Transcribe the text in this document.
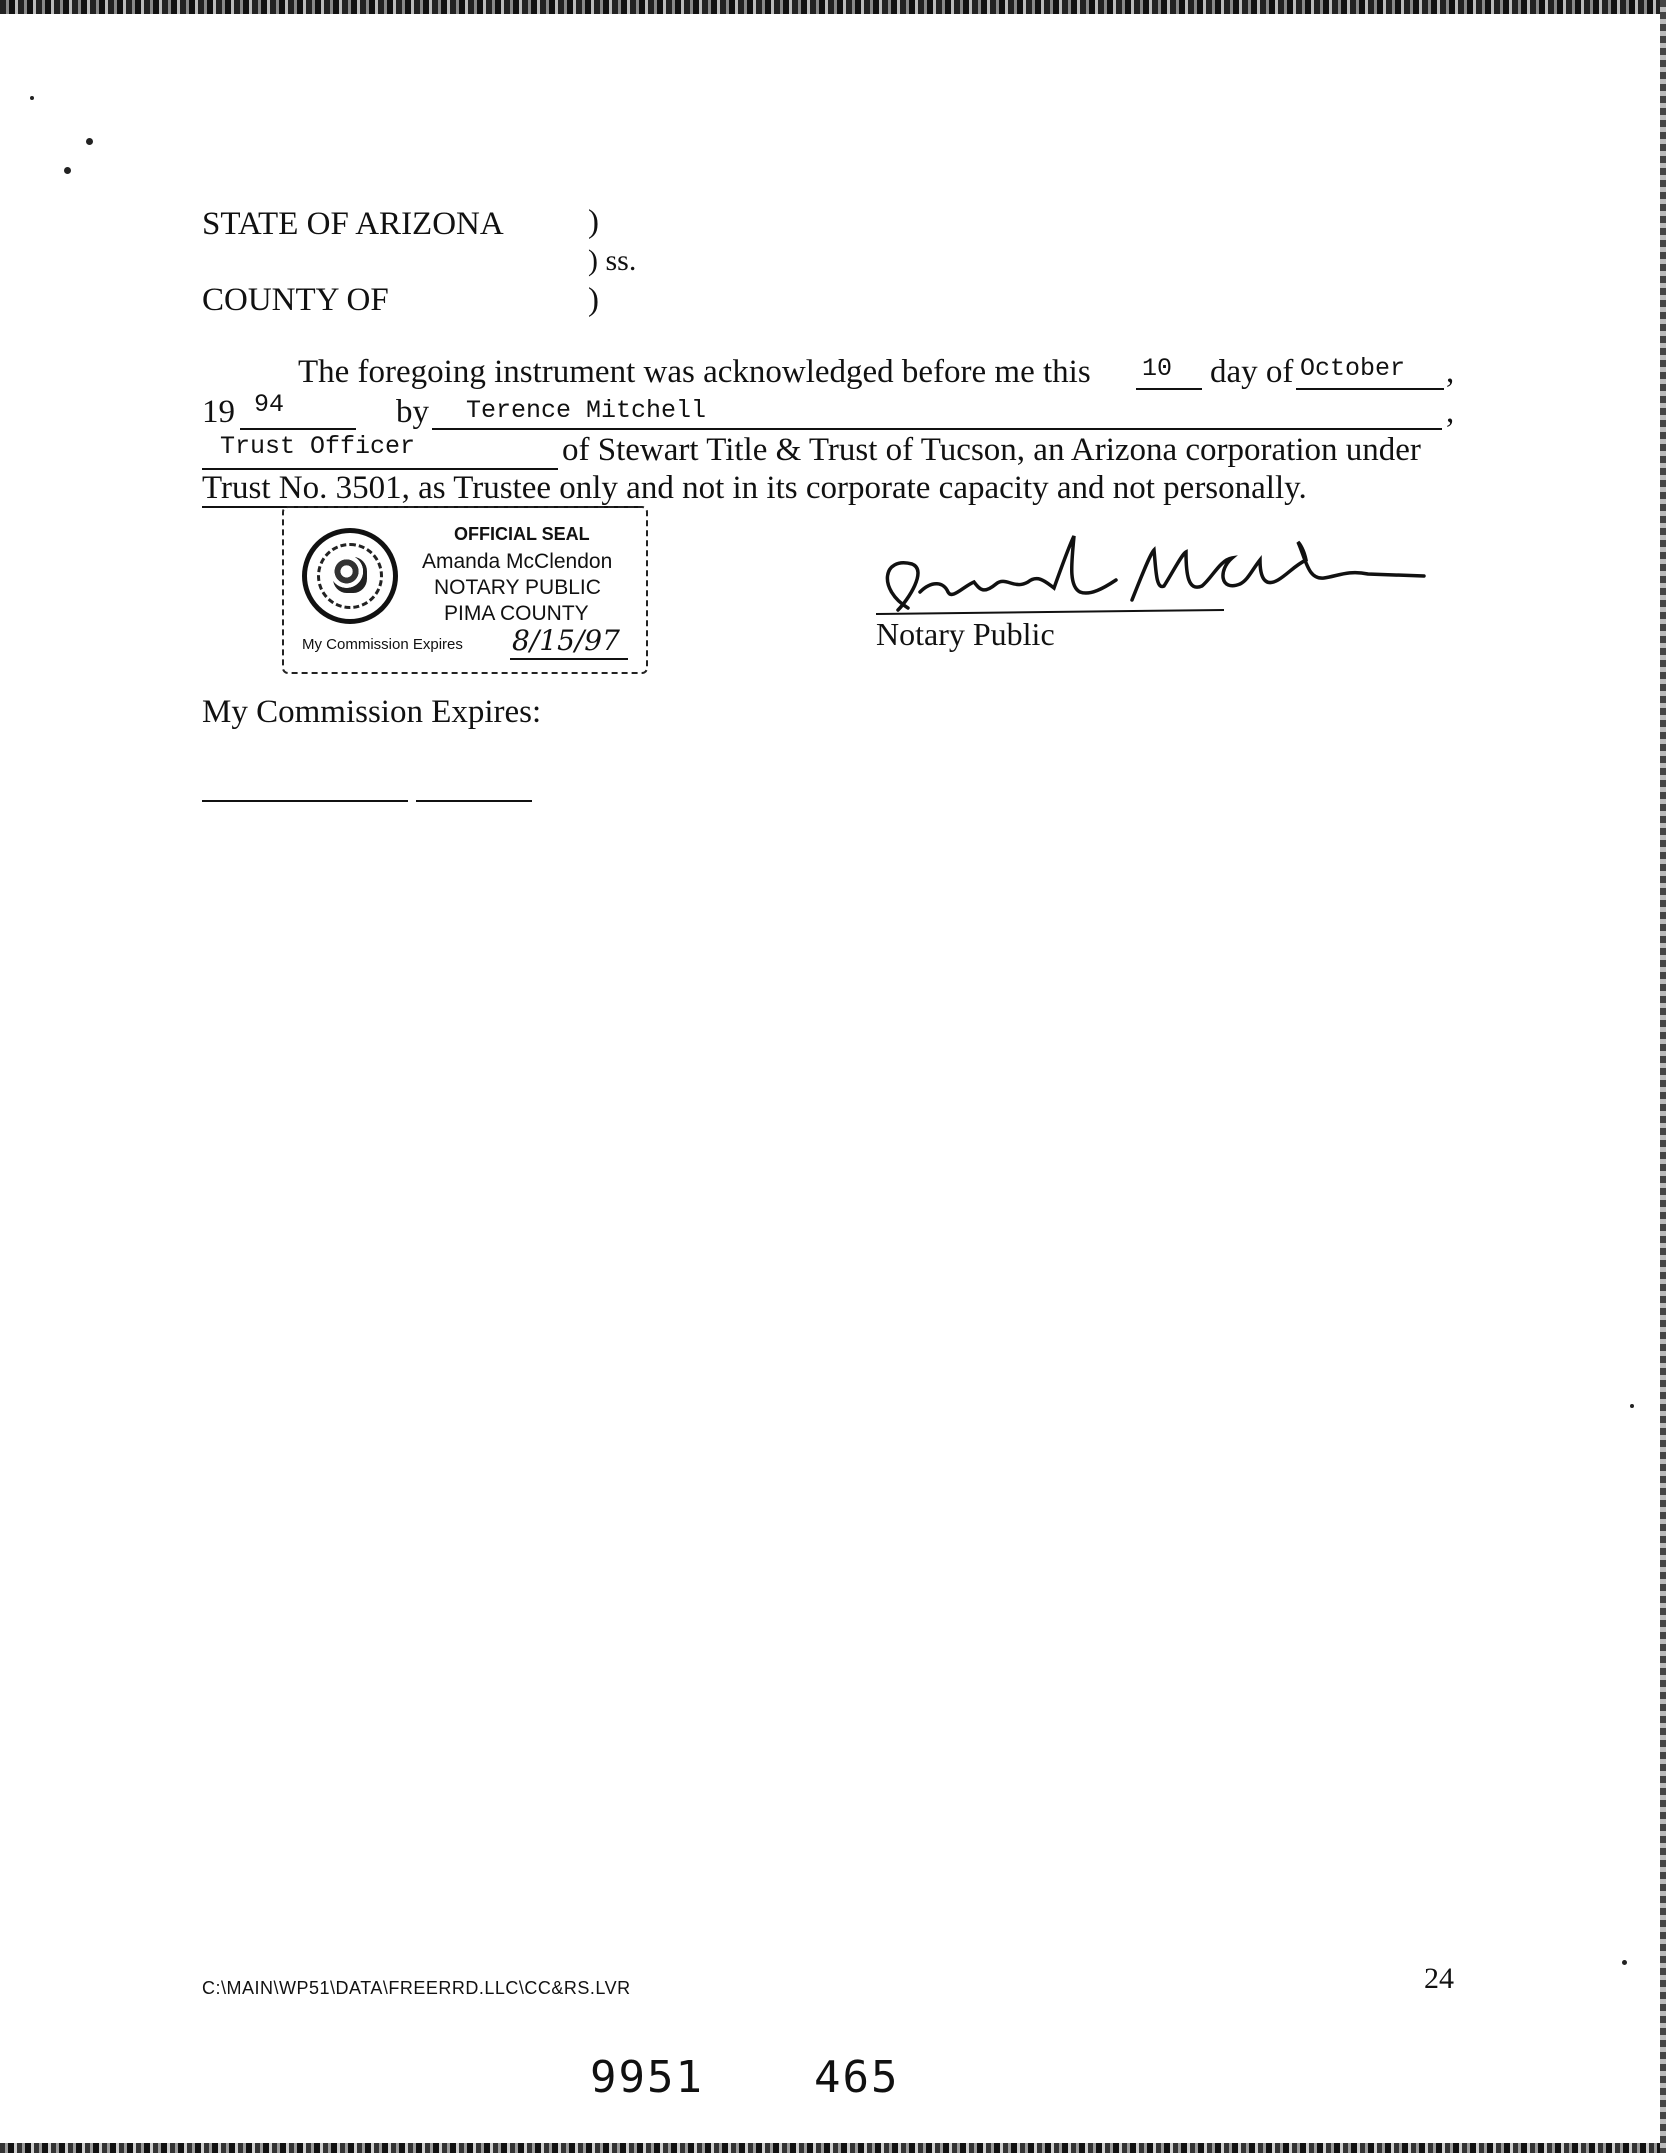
STATE OF ARIZONA	)
) ss.
COUNTY OF	)
The foregoing instrument was acknowledged before me this 10 day of October ,
19 94	by Terence Mitchell	,
Trust Officer	of Stewart Title & Trust of Tucson, an Arizona corporation under
Trust No. 3501, as Trustee only and not in its corporate capacity and not personally.
OFFICIAL SEAL
Amanda McClendon
NOTARY PUBLIC
PIMA COUNTY
My Commission Expires 8/15/97	Notary Public
My Commission Expires:
C:\MAIN\WP51\DATA\FREERRD.LLC\CC&RS.LVR	24
9951	465
